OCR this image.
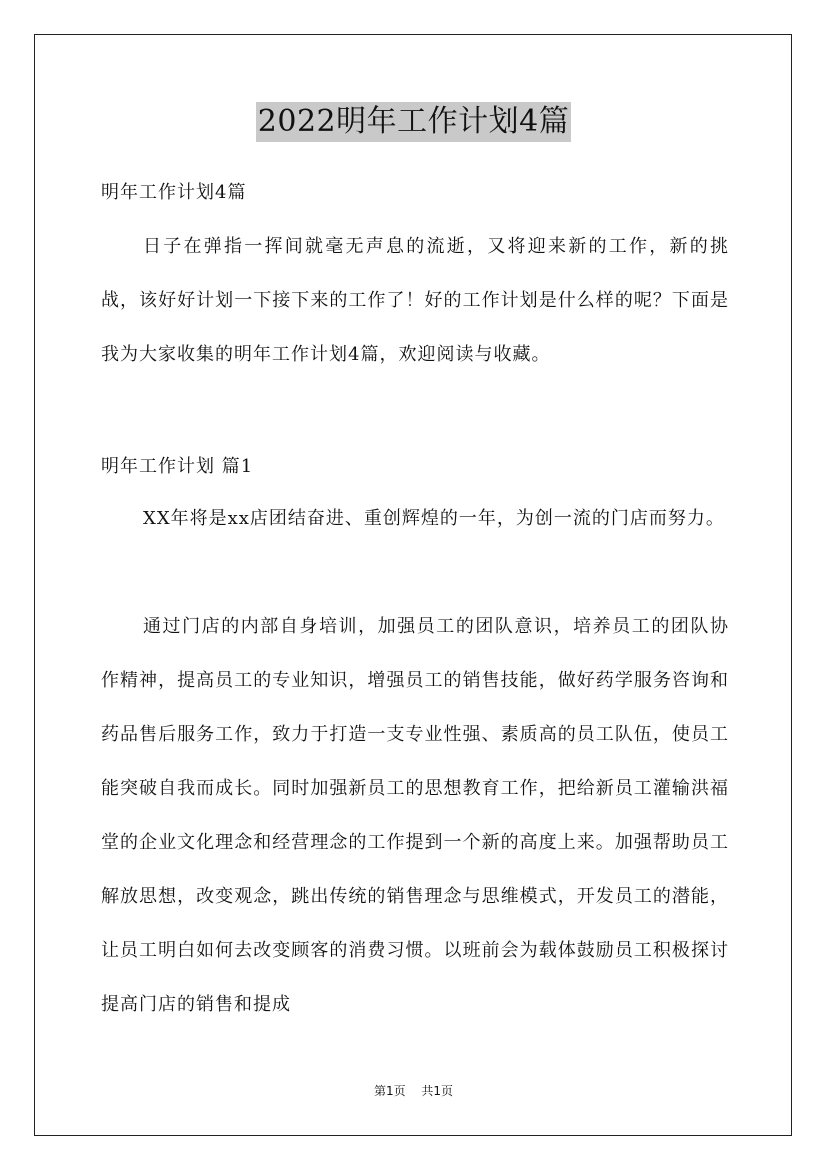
2022明年工作计划4篇

明年工作计划4篇

日子在弹指一挥间就毫无声息的流逝，又将迎来新的工作，新的挑战，该好好计划一下接下来的工作了！好的工作计划是什么样的呢？下面是我为大家收集的明年工作计划4篇，欢迎阅读与收藏。

明年工作计划 篇1

XX年将是xx店团结奋进、重创辉煌的一年，为创一流的门店而努力。

通过门店的内部自身培训，加强员工的团队意识，培养员工的团队协作精神，提高员工的专业知识，增强员工的销售技能，做好药学服务咨询和药品售后服务工作，致力于打造一支专业性强、素质高的员工队伍，使员工能突破自我而成长。同时加强新员工的思想教育工作，把给新员工灌输洪福堂的企业文化理念和经营理念的工作提到一个新的高度上来。加强帮助员工解放思想，改变观念，跳出传统的销售理念与思维模式，开发员工的潜能，让员工明白如何去改变顾客的消费习惯。以班前会为载体鼓励员工积极探讨提高门店的销售和提成

第1页 共1页
